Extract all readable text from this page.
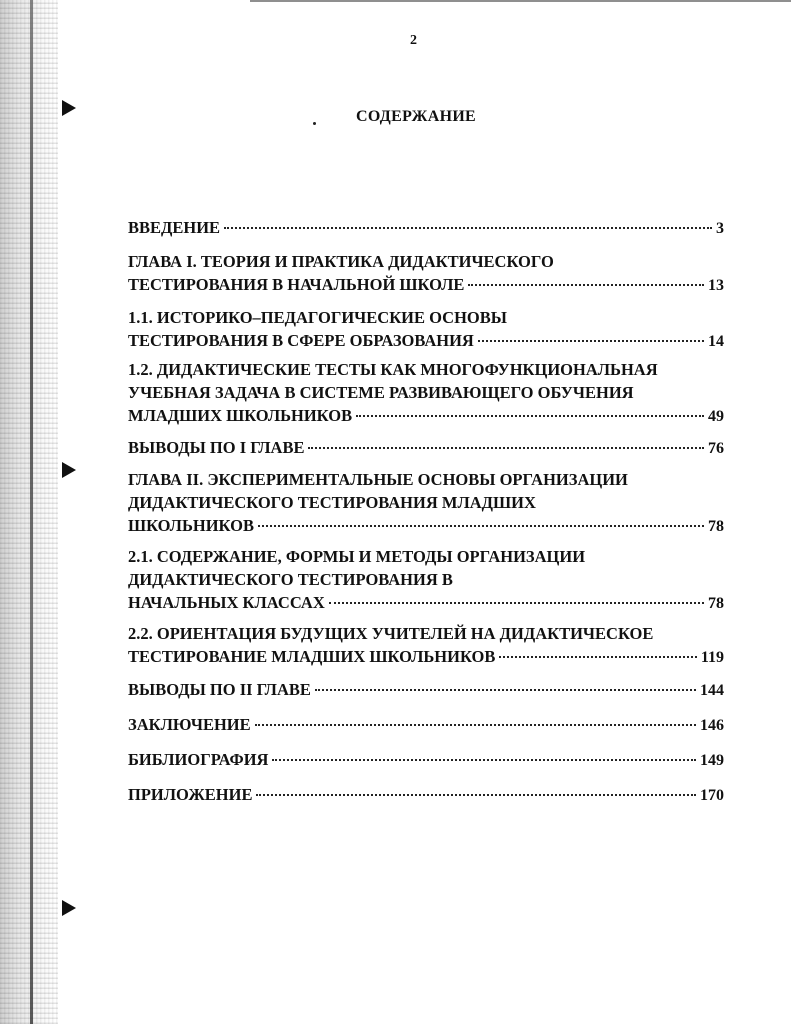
2
СОДЕРЖАНИЕ
ВВЕДЕНИЕ	3
ГЛАВА I. ТЕОРИЯ И ПРАКТИКА ДИДАКТИЧЕСКОГО
ТЕСТИРОВАНИЯ В НАЧАЛЬНОЙ ШКОЛЕ	13
1.1. ИСТОРИКО–ПЕДАГОГИЧЕСКИЕ ОСНОВЫ
ТЕСТИРОВАНИЯ В СФЕРЕ ОБРАЗОВАНИЯ	14
1.2. ДИДАКТИЧЕСКИЕ ТЕСТЫ КАК МНОГОФУНКЦИОНАЛЬНАЯ
УЧЕБНАЯ ЗАДАЧА В СИСТЕМЕ РАЗВИВАЮЩЕГО ОБУЧЕНИЯ
МЛАДШИХ ШКОЛЬНИКОВ	49
ВЫВОДЫ ПО I ГЛАВЕ	76
ГЛАВА II. ЭКСПЕРИМЕНТАЛЬНЫЕ ОСНОВЫ ОРГАНИЗАЦИИ
ДИДАКТИЧЕСКОГО ТЕСТИРОВАНИЯ МЛАДШИХ
ШКОЛЬНИКОВ	78
2.1. СОДЕРЖАНИЕ, ФОРМЫ И МЕТОДЫ ОРГАНИЗАЦИИ
ДИДАКТИЧЕСКОГО ТЕСТИРОВАНИЯ В
НАЧАЛЬНЫХ КЛАССАХ	78
2.2. ОРИЕНТАЦИЯ БУДУЩИХ УЧИТЕЛЕЙ НА ДИДАКТИЧЕСКОЕ
ТЕСТИРОВАНИЕ МЛАДШИХ ШКОЛЬНИКОВ	119
ВЫВОДЫ ПО II ГЛАВЕ	144
ЗАКЛЮЧЕНИЕ	146
БИБЛИОГРАФИЯ	149
ПРИЛОЖЕНИЕ	170
